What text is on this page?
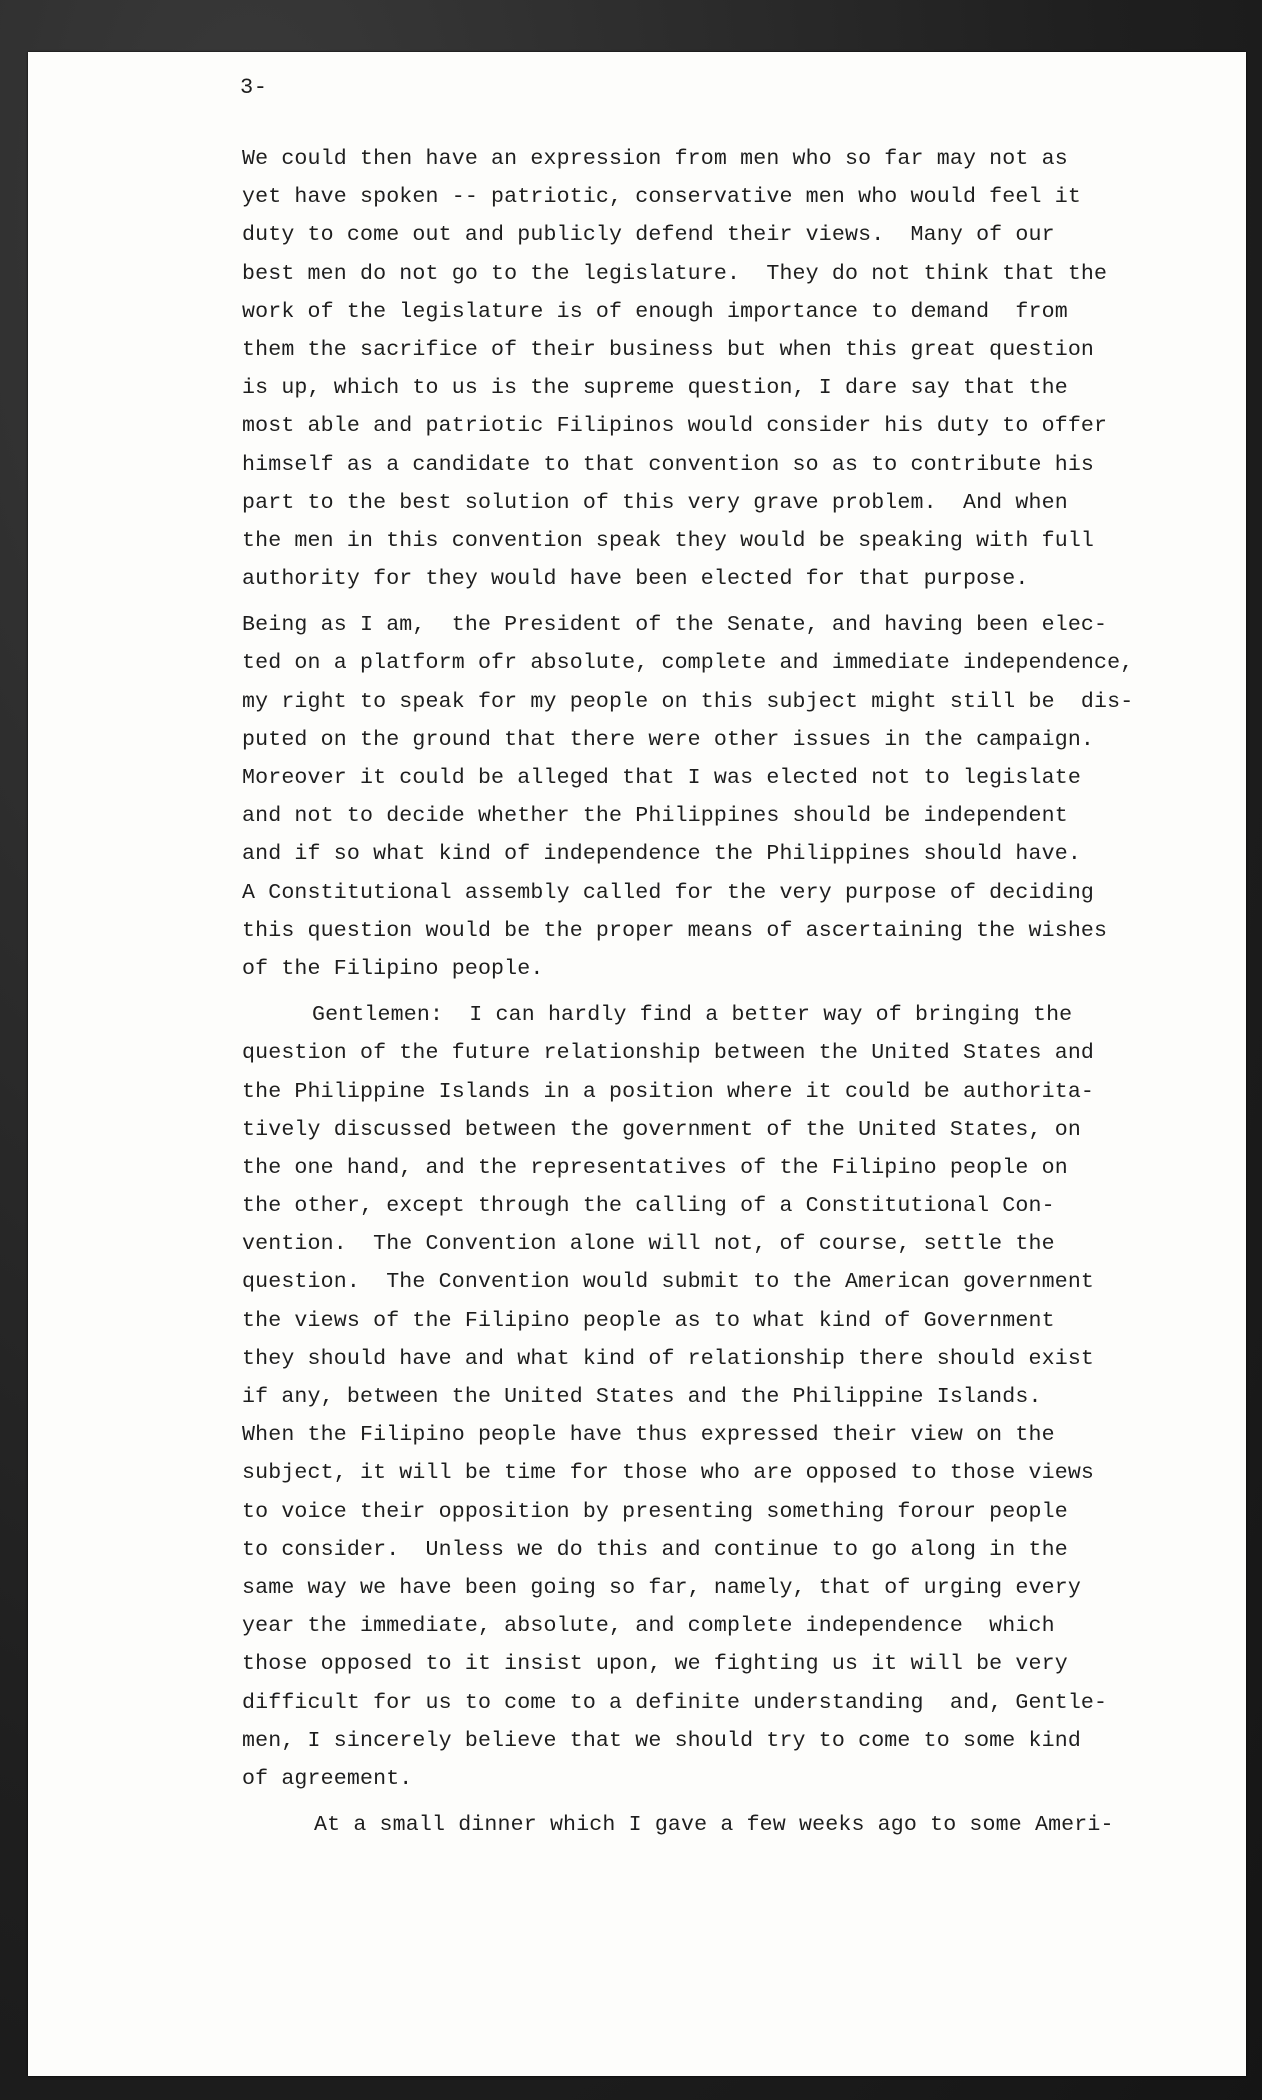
3-
We could then have an expression from men who so far may not as
yet have spoken -- patriotic, conservative men who would feel it
duty to come out and publicly defend their views.  Many of our
best men do not go to the legislature.  They do not think that the
work of the legislature is of enough importance to demand  from
them the sacrifice of their business but when this great question
is up, which to us is the supreme question, I dare say that the
most able and patriotic Filipinos would consider his duty to offer
himself as a candidate to that convention so as to contribute his
part to the best solution of this very grave problem.  And when
the men in this convention speak they would be speaking with full
authority for they would have been elected for that purpose.
Being as I am,  the President of the Senate, and having been elec-
ted on a platform ofr absolute, complete and immediate independence,
my right to speak for my people on this subject might still be  dis-
puted on the ground that there were other issues in the campaign.
Moreover it could be alleged that I was elected not to legislate
and not to decide whether the Philippines should be independent
and if so what kind of independence the Philippines should have.
A Constitutional assembly called for the very purpose of deciding
this question would be the proper means of ascertaining the wishes
of the Filipino people.
Gentlemen:  I can hardly find a better way of bringing the
question of the future relationship between the United States and
the Philippine Islands in a position where it could be authorita-
tively discussed between the government of the United States, on
the one hand, and the representatives of the Filipino people on
the other, except through the calling of a Constitutional Con-
vention.  The Convention alone will not, of course, settle the
question.  The Convention would submit to the American government
the views of the Filipino people as to what kind of Government
they should have and what kind of relationship there should exist
if any, between the United States and the Philippine Islands.
When the Filipino people have thus expressed their view on the
subject, it will be time for those who are opposed to those views
to voice their opposition by presenting something forour people
to consider.  Unless we do this and continue to go along in the
same way we have been going so far, namely, that of urging every
year the immediate, absolute, and complete independence  which
those opposed to it insist upon, we fighting us it will be very
difficult for us to come to a definite understanding  and, Gentle-
men, I sincerely believe that we should try to come to some kind
of agreement.
At a small dinner which I gave a few weeks ago to some Ameri-
